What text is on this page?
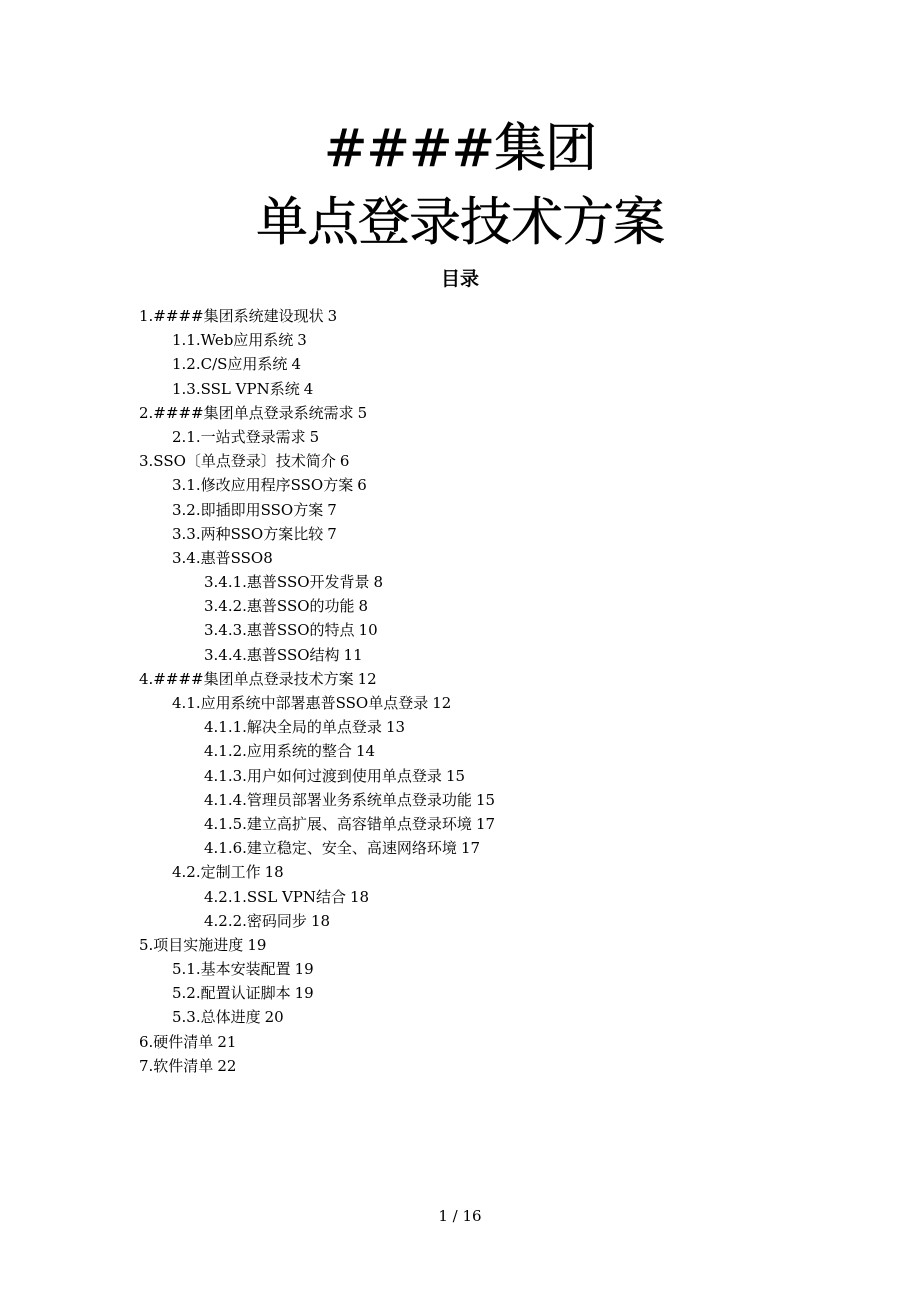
####集团
单点登录技术方案
目录
1.####集团系统建设现状 3
1.1.Web应用系统 3
1.2.C/S应用系统 4
1.3.SSL VPN系统 4
2.####集团单点登录系统需求 5
2.1.一站式登录需求 5
3.SSO〔单点登录〕技术简介 6
3.1.修改应用程序SSO方案 6
3.2.即插即用SSO方案 7
3.3.两种SSO方案比较 7
3.4.惠普SSO8
3.4.1.惠普SSO开发背景 8
3.4.2.惠普SSO的功能 8
3.4.3.惠普SSO的特点 10
3.4.4.惠普SSO结构 11
4.####集团单点登录技术方案 12
4.1.应用系统中部署惠普SSO单点登录 12
4.1.1.解决全局的单点登录 13
4.1.2.应用系统的整合 14
4.1.3.用户如何过渡到使用单点登录 15
4.1.4.管理员部署业务系统单点登录功能 15
4.1.5.建立高扩展、高容错单点登录环境 17
4.1.6.建立稳定、安全、高速网络环境 17
4.2.定制工作 18
4.2.1.SSL VPN结合 18
4.2.2.密码同步 18
5.项目实施进度 19
5.1.基本安装配置 19
5.2.配置认证脚本 19
5.3.总体进度 20
6.硬件清单 21
7.软件清单 22
1 / 16
